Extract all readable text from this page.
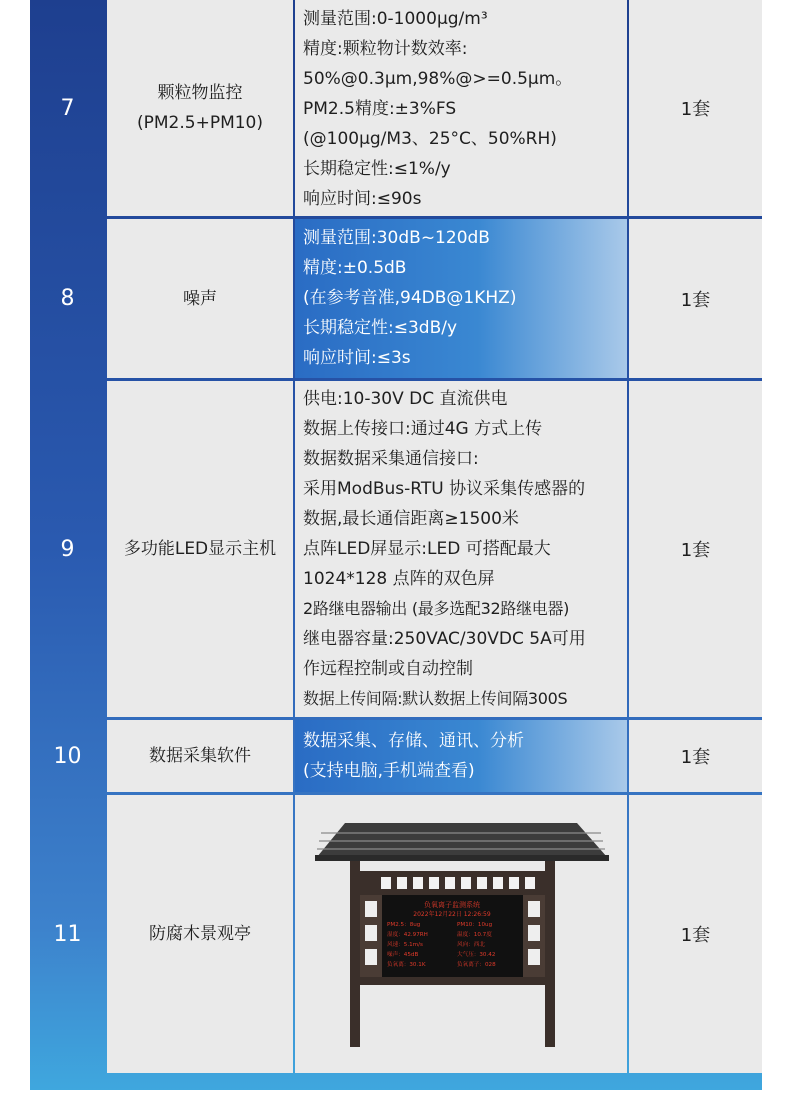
7
颗粒物监控
(PM2.5+PM10)
测量范围:0-1000μg/m³
精度:颗粒物计数效率:
50%@0.3μm,98%@>=0.5μm。
PM2.5精度:±3%FS
(@100μg/M3、25°C、50%RH)
长期稳定性:≤1%/y
响应时间:≤90s
1套
8	噪声
测量范围:30dB~120dB
精度:±0.5dB
(在参考音准,94DB@1KHZ)
长期稳定性:≤3dB/y
响应时间:≤3s
1套
9	多功能LED显示主机
供电:10-30V DC 直流供电
数据上传接口:通过4G 方式上传
数据数据采集通信接口:
采用ModBus-RTU 协议采集传感器的
数据,最长通信距离≥1500米
点阵LED屏显示:LED 可搭配最大
1024*128 点阵的双色屏
2路继电器输出 (最多选配32路继电器)
继电器容量:250VAC/30VDC 5A可用
作远程控制或自动控制
数据上传间隔:默认数据上传间隔300S
1套
10	数据采集软件
数据采集、存储、通讯、分析
(支持电脑,手机端查看)
1套
11	防腐木景观亭
负氧离子监测系统
2022年12月22日 12:26:59
PM2.5：8ug	PM10：10ug
湿度：42.97RH	温度：10.7度
风速：5.1m/s	风向：西北
噪声：45dB	大气压：30.42
负氧离：30.1K	负氧离子：028
1套
